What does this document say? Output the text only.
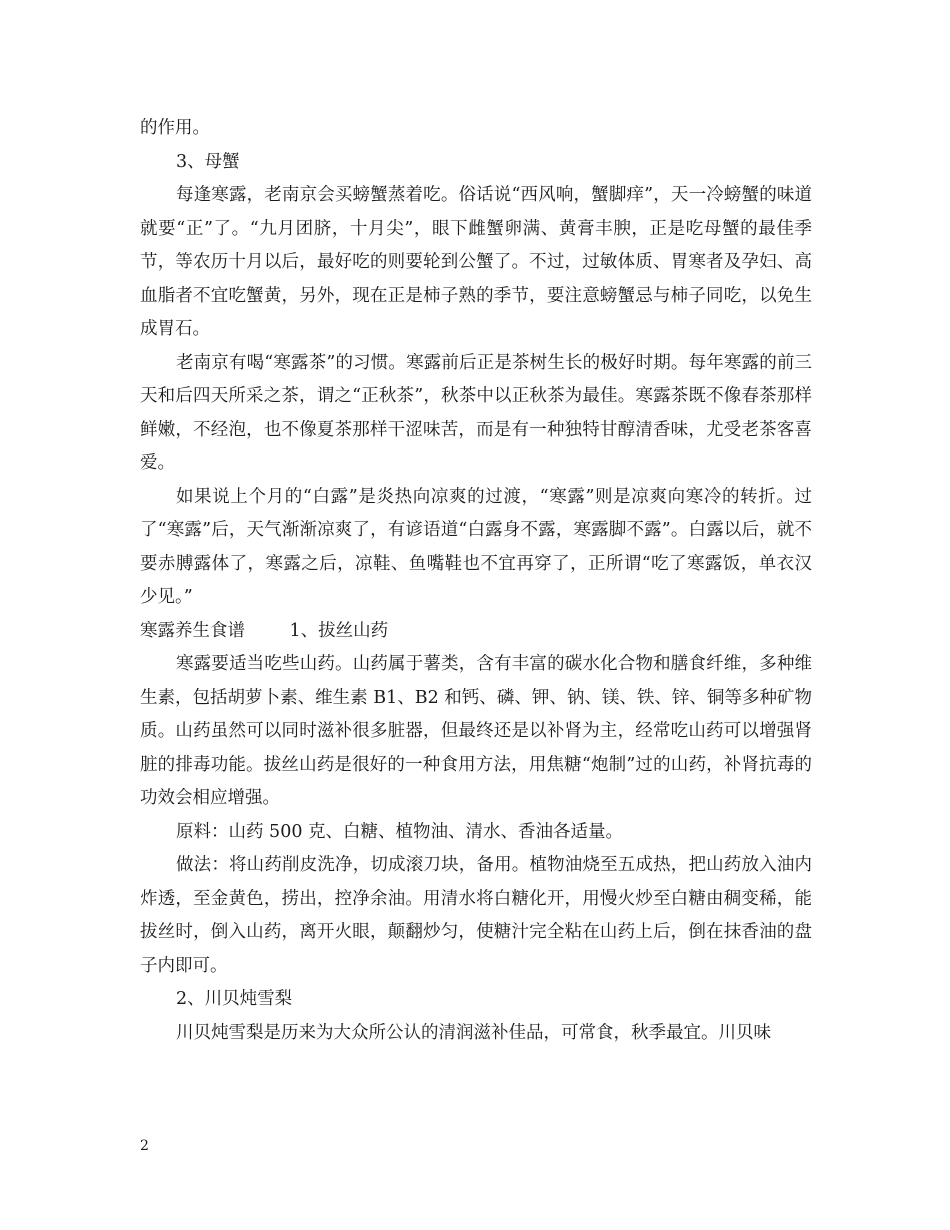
的作用。

3、母蟹

每逢寒露，老南京会买螃蟹蒸着吃。俗话说“西风响，蟹脚痒”，天一冷螃蟹的味道就要“正”了。“九月团脐，十月尖”，眼下雌蟹卵满、黄膏丰腴，正是吃母蟹的最佳季节，等农历十月以后，最好吃的则要轮到公蟹了。不过，过敏体质、胃寒者及孕妇、高血脂者不宜吃蟹黄，另外，现在正是柿子熟的季节，要注意螃蟹忌与柿子同吃，以免生成胃石。

老南京有喝“寒露茶”的习惯。寒露前后正是茶树生长的极好时期。每年寒露的前三天和后四天所采之茶，谓之“正秋茶”，秋茶中以正秋茶为最佳。寒露茶既不像春茶那样鲜嫩，不经泡，也不像夏茶那样干涩味苦，而是有一种独特甘醇清香味，尤受老茶客喜爱。

如果说上个月的“白露”是炎热向凉爽的过渡，“寒露”则是凉爽向寒冷的转折。过了“寒露”后，天气渐渐凉爽了，有谚语道“白露身不露，寒露脚不露”。白露以后，就不要赤膊露体了，寒露之后，凉鞋、鱼嘴鞋也不宜再穿了，正所谓“吃了寒露饭，单衣汉少见。”

寒露养生食谱        1、拔丝山药

寒露要适当吃些山药。山药属于薯类，含有丰富的碳水化合物和膳食纤维，多种维生素，包括胡萝卜素、维生素 B1、B2 和钙、磷、钾、钠、镁、铁、锌、铜等多种矿物质。山药虽然可以同时滋补很多脏器，但最终还是以补肾为主，经常吃山药可以增强肾脏的排毒功能。拔丝山药是很好的一种食用方法，用焦糖“炮制”过的山药，补肾抗毒的功效会相应增强。

原料：山药 500 克、白糖、植物油、清水、香油各适量。

做法：将山药削皮洗净，切成滚刀块，备用。植物油烧至五成热，把山药放入油内炸透，至金黄色，捞出，控净余油。用清水将白糖化开，用慢火炒至白糖由稠变稀，能拔丝时，倒入山药，离开火眼，颠翻炒匀，使糖汁完全粘在山药上后，倒在抹香油的盘子内即可。

2、川贝炖雪梨

川贝炖雪梨是历来为大众所公认的清润滋补佳品，可常食，秋季最宜。川贝味

2
